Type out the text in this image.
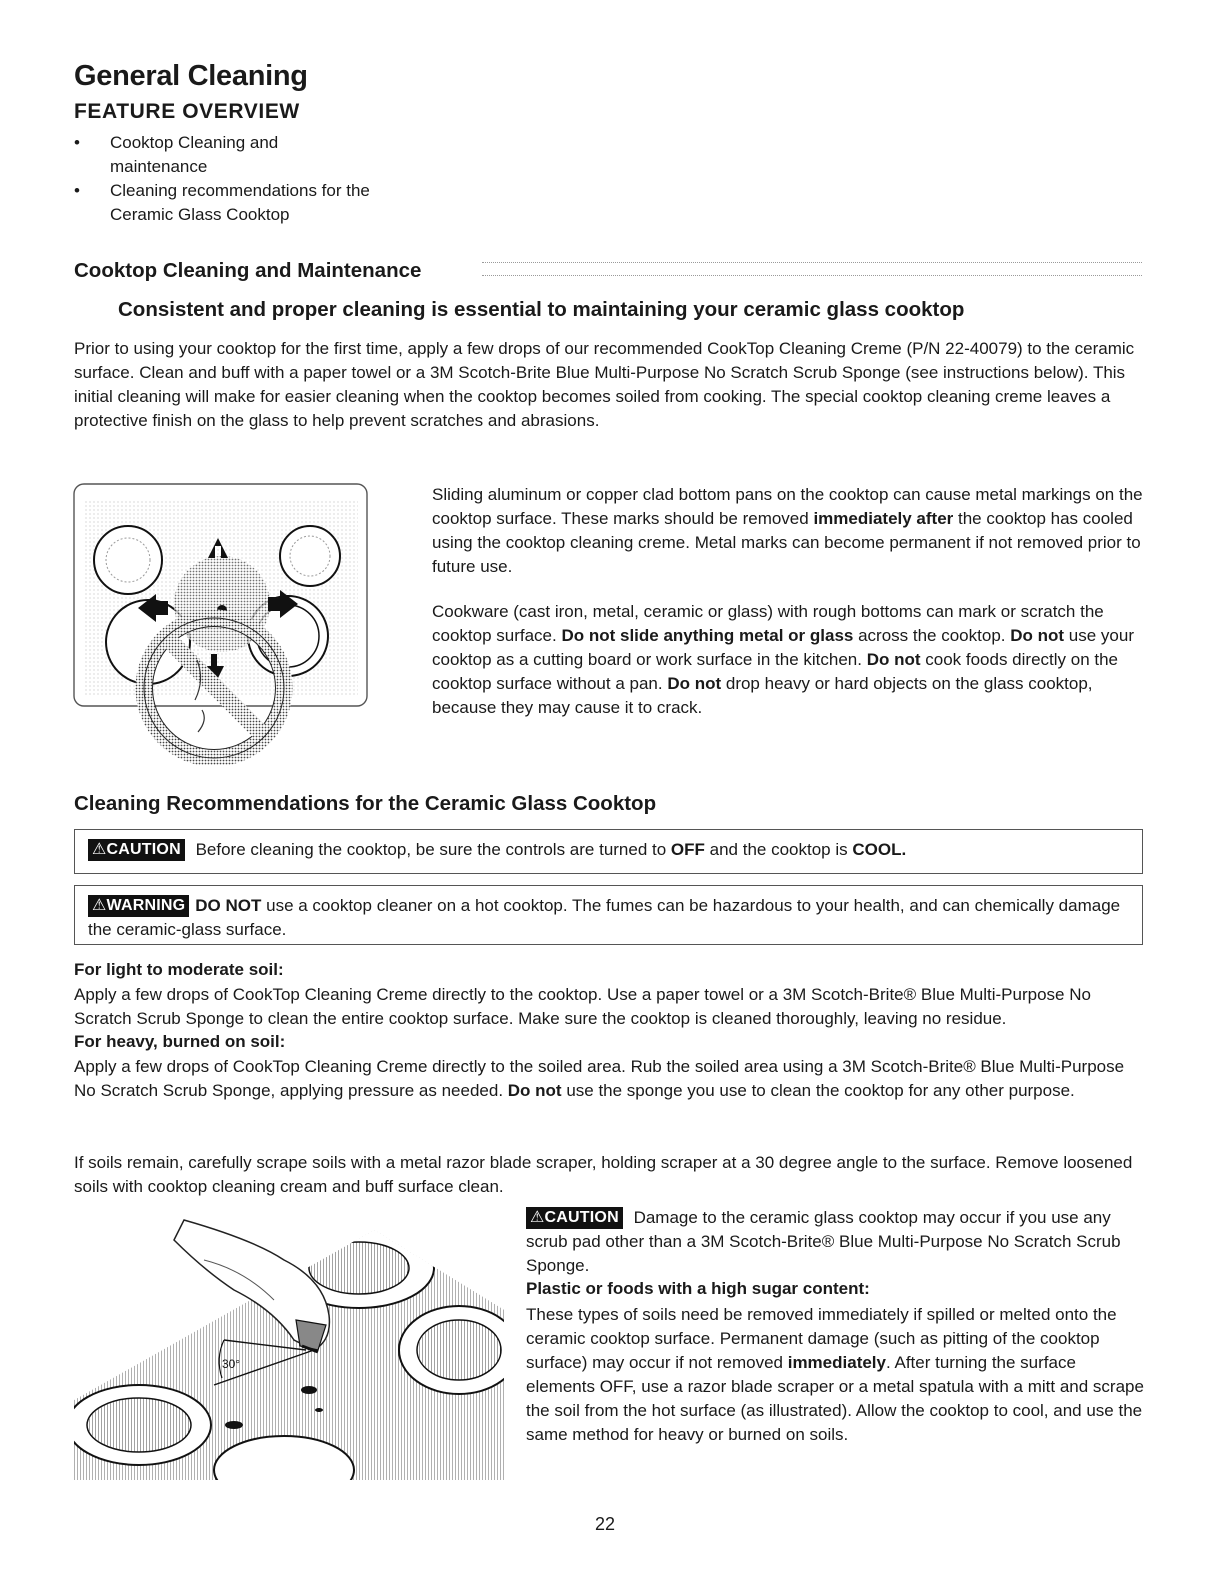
General Cleaning
FEATURE OVERVIEW
• Cooktop Cleaning and maintenance
• Cleaning recommendations for the Ceramic Glass Cooktop
Cooktop Cleaning and Maintenance
Consistent and proper cleaning is essential to maintaining your ceramic glass cooktop
Prior to using your cooktop for the first time, apply a few drops of our recommended CookTop Cleaning Creme (P/N 22-40079) to the ceramic surface. Clean and buff with a paper towel or a 3M Scotch-Brite Blue Multi-Purpose No Scratch Scrub Sponge (see instructions below). This initial cleaning will make for easier cleaning when the cooktop becomes soiled from cooking. The special cooktop cleaning creme leaves a protective finish on the glass to help prevent scratches and abrasions.
Sliding aluminum or copper clad bottom pans on the cooktop can cause metal markings on the cooktop surface. These marks should be removed immediately after the cooktop has cooled using the cooktop cleaning creme. Metal marks can become permanent if not removed prior to future use.
Cookware (cast iron, metal, ceramic or glass) with rough bottoms can mark or scratch the cooktop surface. Do not slide anything metal or glass across the cooktop. Do not use your cooktop as a cutting board or work surface in the kitchen. Do not cook foods directly on the cooktop surface without a pan. Do not drop heavy or hard objects on the glass cooktop, because they may cause it to crack.
Cleaning Recommendations for the Ceramic Glass Cooktop
⚠CAUTION Before cleaning the cooktop, be sure the controls are turned to OFF and the cooktop is COOL.
⚠WARNING DO NOT use a cooktop cleaner on a hot cooktop. The fumes can be hazardous to your health, and can chemically damage the ceramic-glass surface.
For light to moderate soil:
Apply a few drops of CookTop Cleaning Creme directly to the cooktop. Use a paper towel or a 3M Scotch-Brite® Blue Multi-Purpose No Scratch Scrub Sponge to clean the entire cooktop surface. Make sure the cooktop is cleaned thoroughly, leaving no residue.
For heavy, burned on soil:
Apply a few drops of CookTop Cleaning Creme directly to the soiled area. Rub the soiled area using a 3M Scotch-Brite® Blue Multi-Purpose No Scratch Scrub Sponge, applying pressure as needed. Do not use the sponge you use to clean the cooktop for any other purpose.
If soils remain, carefully scrape soils with a metal razor blade scraper, holding scraper at a 30 degree angle to the surface. Remove loosened soils with cooktop cleaning cream and buff surface clean.
30°
⚠CAUTION Damage to the ceramic glass cooktop may occur if you use any scrub pad other than a 3M Scotch-Brite® Blue Multi-Purpose No Scratch Scrub Sponge.
Plastic or foods with a high sugar content:
These types of soils need be removed immediately if spilled or melted onto the ceramic cooktop surface. Permanent damage (such as pitting of the cooktop surface) may occur if not removed immediately. After turning the surface elements OFF, use a razor blade scraper or a metal spatula with a mitt and scrape the soil from the hot surface (as illustrated). Allow the cooktop to cool, and use the same method for heavy or burned on soils.
22
